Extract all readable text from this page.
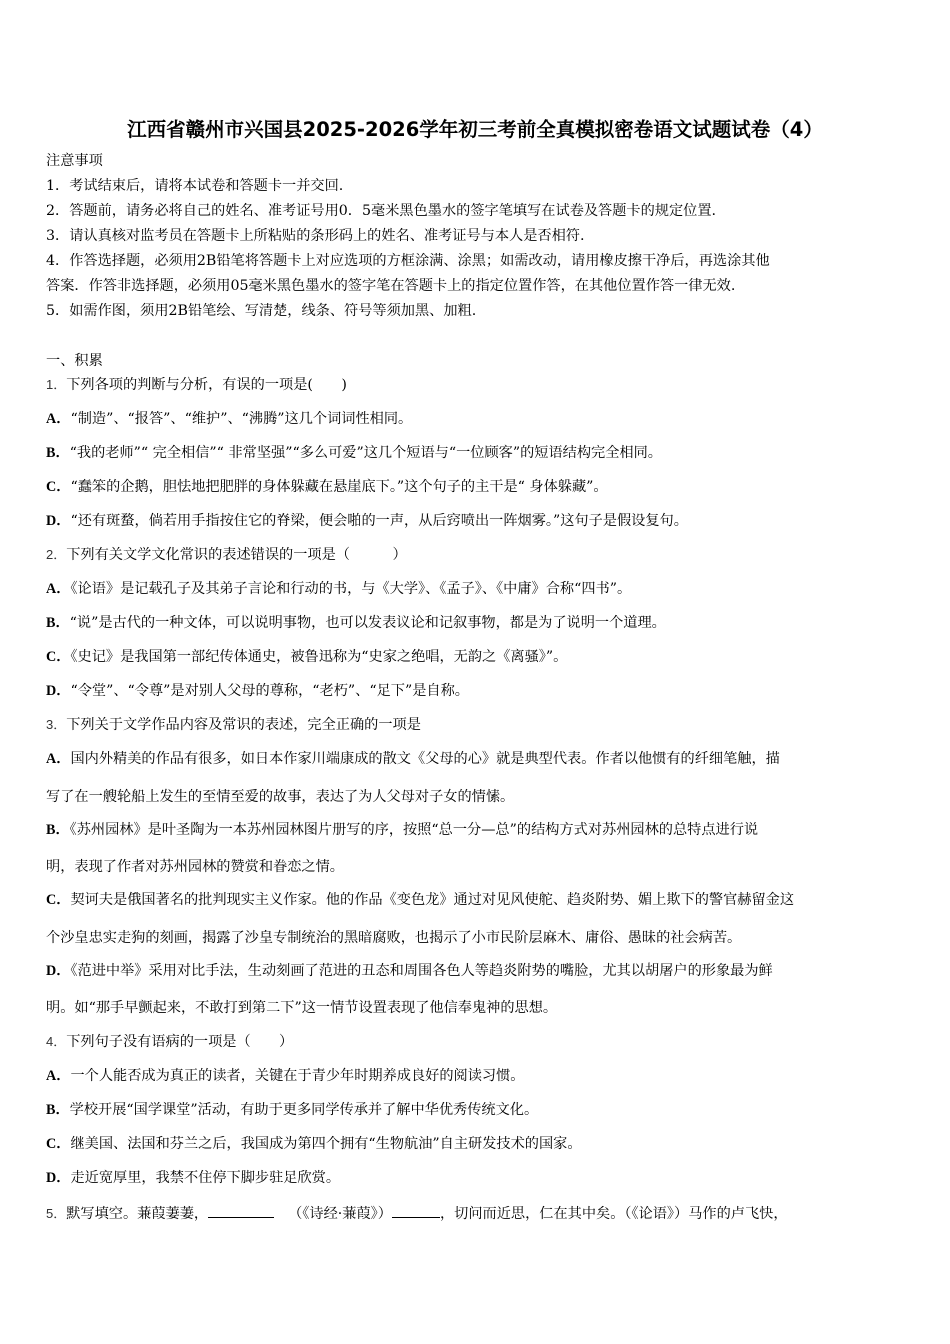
江西省赣州市兴国县2025-2026学年初三考前全真模拟密卷语文试题试卷（4）
注意事项
1．考试结束后，请将本试卷和答题卡一并交回.
2．答题前，请务必将自己的姓名、准考证号用0．5毫米黑色墨水的签字笔填写在试卷及答题卡的规定位置.
3．请认真核对监考员在答题卡上所粘贴的条形码上的姓名、准考证号与本人是否相符.
4．作答选择题，必须用2B铅笔将答题卡上对应选项的方框涂满、涂黑；如需改动，请用橡皮擦干净后，再选涂其他
答案．作答非选择题，必须用05毫米黑色墨水的签字笔在答题卡上的指定位置作答，在其他位置作答一律无效.
5．如需作图，须用2B铅笔绘、写清楚，线条、符号等须加黑、加粗.
一、积累
1．下列各项的判断与分析，有误的一项是(　　)
A．“制造”、“报答”、“维护”、“沸腾”这几个词词性相同。
B．“我的老师”“ 完全相信”“ 非常坚强”“多么可爱”这几个短语与“一位顾客”的短语结构完全相同。
C．“蠢笨的企鹅，胆怯地把肥胖的身体躲藏在悬崖底下。”这个句子的主干是“ 身体躲藏”。
D．“还有斑蝥，倘若用手指按住它的脊梁，便会啪的一声，从后窍喷出一阵烟雾。”这句子是假设复句。
2．下列有关文学文化常识的表述错误的一项是（　　　）
A．《论语》是记载孔子及其弟子言论和行动的书，与《大学》、《孟子》、《中庸》合称“四书”。
B．“说”是古代的一种文体，可以说明事物，也可以发表议论和记叙事物，都是为了说明一个道理。
C．《史记》是我国第一部纪传体通史，被鲁迅称为“史家之绝唱，无韵之《离骚》”。
D．“令堂”、“令尊”是对别人父母的尊称，“老朽”、“足下”是自称。
3．下列关于文学作品内容及常识的表述，完全正确的一项是
A．国内外精美的作品有很多，如日本作家川端康成的散文《父母的心》就是典型代表。作者以他惯有的纤细笔触，描
写了在一艘轮船上发生的至情至爱的故事，表达了为人父母对子女的情愫。
B．《苏州园林》是叶圣陶为一本苏州园林图片册写的序，按照“总一分—总”的结构方式对苏州园林的总特点进行说
明，表现了作者对苏州园林的赞赏和眷恋之情。
C．契诃夫是俄国著名的批判现实主义作家。他的作品《变色龙》通过对见风使舵、趋炎附势、媚上欺下的警官赫留金这
个沙皇忠实走狗的刻画，揭露了沙皇专制统治的黑暗腐败，也揭示了小市民阶层麻木、庸俗、愚昧的社会病苦。
D．《范进中举》采用对比手法，生动刻画了范进的丑态和周围各色人等趋炎附势的嘴脸，尤其以胡屠户的形象最为鲜
明。如“那手早颤起来，不敢打到第二下”这一情节设置表现了他信奉鬼神的思想。
4．下列句子没有语病的一项是（　　）
A．一个人能否成为真正的读者，关键在于青少年时期养成良好的阅读习惯。
B．学校开展“国学课堂”活动，有助于更多同学传承并了解中华优秀传统文化。
C．继美国、法国和芬兰之后，我国成为第四个拥有“生物航油”自主研发技术的国家。
D．走近宽厚里，我禁不住停下脚步驻足欣赏。
5．默写填空。蒹葭萋萋，	（《诗经·蒹葭》）	，切问而近思，仁在其中矣。（《论语》）马作的卢飞快，
